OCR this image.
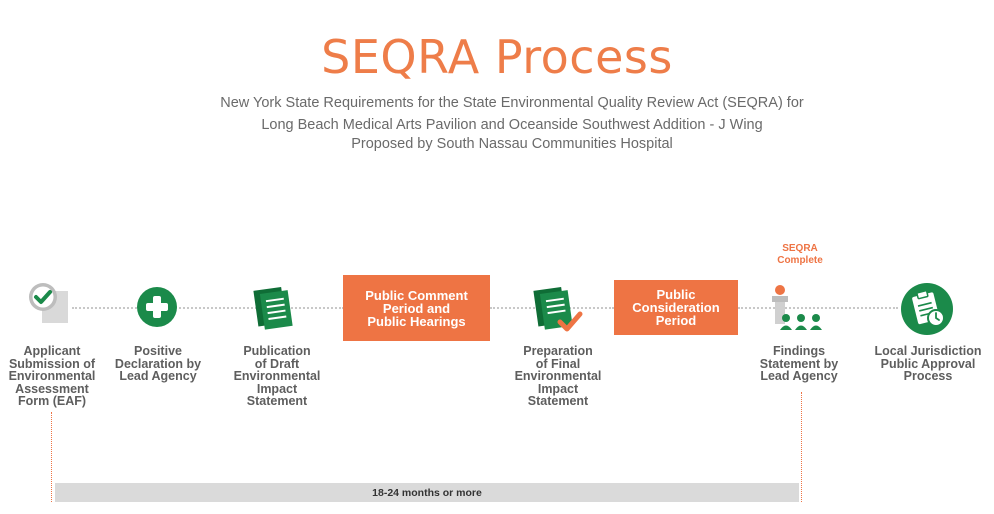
SEQRA Process
New York State Requirements for the State Environmental Quality Review Act (SEQRA) for
Long Beach Medical Arts Pavilion and Oceanside Southwest Addition - J Wing
Proposed by South Nassau Communities Hospital
Public Comment
Period and
Public Hearings
Public
Consideration
Period
SEQRA
Complete
Applicant
Submission of
Environmental
Assessment
Form (EAF)
Positive
Declaration by
Lead Agency
Publication
of Draft
Environmental
Impact
Statement
Preparation
of Final
Environmental
Impact
Statement
Findings
Statement by
Lead Agency
Local Jurisdiction
Public Approval
Process
18-24 months or more
